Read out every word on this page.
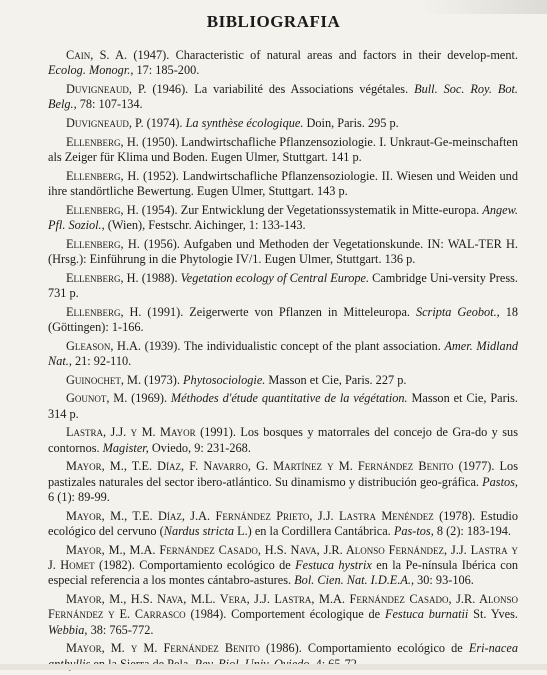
BIBLIOGRAFIA

Cain, S. A. (1947). Characteristic of natural areas and factors in their develop-ment. Ecolog. Monogr., 17: 185-200.

Duvigneaud, P. (1946). La variabilité des Associations végétales. Bull. Soc. Roy. Bot. Belg., 78: 107-134.

Duvigneaud, P. (1974). La synthèse écologique. Doin, Paris. 295 p.

Ellenberg, H. (1950). Landwirtschafliche Pflanzensoziologie. I. Unkraut-Ge-meinschaften als Zeiger für Klima und Boden. Eugen Ulmer, Stuttgart. 141 p.

Ellenberg, H. (1952). Landwirtschafliche Pflanzensoziologie. II. Wiesen und Weiden und ihre standörtliche Bewertung. Eugen Ulmer, Stuttgart. 143 p.

Ellenberg, H. (1954). Zur Entwicklung der Vegetationssystematik in Mitte-europa. Angew. Pfl. Soziol., (Wien), Festschr. Aichinger, 1: 133-143.

Ellenberg, H. (1956). Aufgaben und Methoden der Vegetationskunde. IN: WAL-TER H. (Hrsg.): Einführung in die Phytologie IV/1. Eugen Ulmer, Stuttgart. 136 p.

Ellenberg, H. (1988). Vegetation ecology of Central Europe. Cambridge Uni-versity Press. 731 p.

Ellenberg, H. (1991). Zeigerwerte von Pflanzen in Mitteleuropa. Scripta Geobot., 18 (Göttingen): 1-166.

Gleason, H.A. (1939). The individualistic concept of the plant association. Amer. Midland Nat., 21: 92-110.

Guinochet, M. (1973). Phytosociologie. Masson et Cie, Paris. 227 p.

Gounot, M. (1969). Méthodes d'étude quantitative de la végétation. Masson et Cie, Paris. 314 p.

Lastra, J.J. y M. Mayor (1991). Los bosques y matorrales del concejo de Gra-do y sus contornos. Magister, Oviedo, 9: 231-268.

Mayor, M., T.E. Díaz, F. Navarro, G. Martínez y M. Fernández Benito (1977). Los pastizales naturales del sector ibero-atlántico. Su dinamismo y distribución geo-gráfica. Pastos, 6 (1): 89-99.

Mayor, M., T.E. Díaz, J.A. Fernández Prieto, J.J. Lastra Menéndez (1978). Estudio ecológico del cervuno (Nardus stricta L.) en la Cordillera Cantábrica. Pas-tos, 8 (2): 183-194.

Mayor, M., M.A. Fernández Casado, H.S. Nava, J.R. Alonso Fernández, J.J. Lastra y J. Homet (1982). Comportamiento ecológico de Festuca hystrix en la Pe-nínsula Ibérica con especial referencia a los montes cántabro-astures. Bol. Cien. Nat. I.D.E.A., 30: 93-106.

Mayor, M., H.S. Nava, M.L. Vera, J.J. Lastra, M.A. Fernández Casado, J.R. Alonso Fernández y E. Carrasco (1984). Comportement écologique de Festuca burnatii St. Yves. Webbia, 38: 765-772.

Mayor, M. y M. Fernández Benito (1986). Comportamiento ecológico de Eri-nacea
